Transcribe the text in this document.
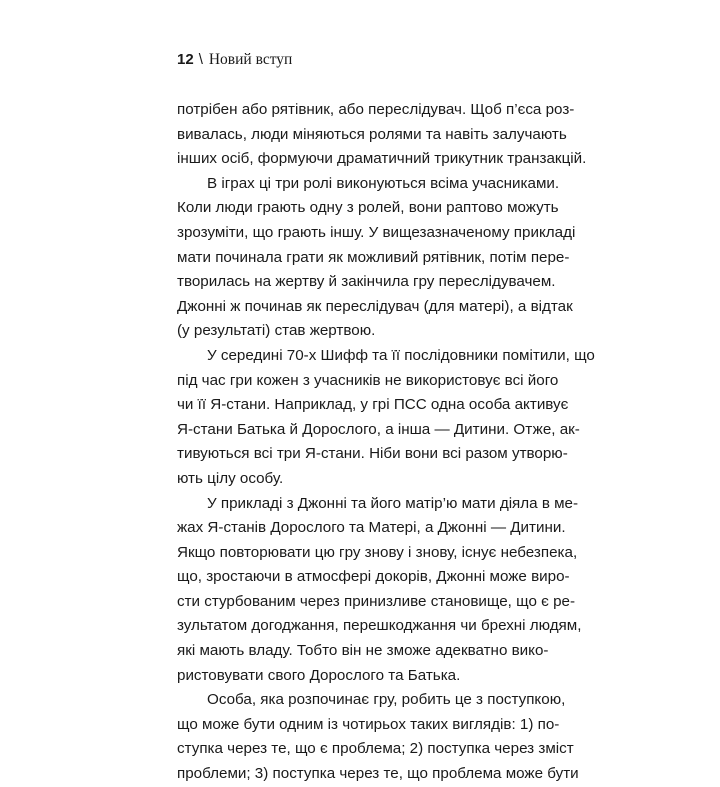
12 \ Новий вступ
потрібен або рятівник, або переслідувач. Щоб п’єса роз-
вивалась, люди міняються ролями та навіть залучають
інших осіб, формуючи драматичний трикутник транзакцій.
В іграх ці три ролі виконуються всіма учасниками.
Коли люди грають одну з ролей, вони раптово можуть
зрозуміти, що грають іншу. У вищезазначеному прикладі
мати починала грати як можливий рятівник, потім пере-
творилась на жертву й закінчила гру переслідувачем.
Джонні ж починав як переслідувач (для матері), а відтак
(у результаті) став жертвою.
У середині 70-х Шифф та її послідовники помітили, що
під час гри кожен з учасників не використовує всі його
чи її Я-стани. Наприклад, у грі ПСС одна особа активує
Я-стани Батька й Дорослого, а інша — Дитини. Отже, ак-
тивуються всі три Я-стани. Ніби вони всі разом утворю-
ють цілу особу.
У прикладі з Джонні та його матір’ю мати діяла в ме-
жах Я-станів Дорослого та Матері, а Джонні — Дитини.
Якщо повторювати цю гру знову і знову, існує небезпека,
що, зростаючи в атмосфері докорів, Джонні може виро-
сти стурбованим через принизливе становище, що є ре-
зультатом догоджання, перешкоджання чи брехні людям,
які мають владу. Тобто він не зможе адекватно вико-
ристовувати свого Дорослого та Батька.
Особа, яка розпочинає гру, робить це з поступкою,
що може бути одним із чотирьох таких виглядів: 1) по-
ступка через те, що є проблема; 2) поступка через зміст
проблеми; 3) поступка через те, що проблема може бути
